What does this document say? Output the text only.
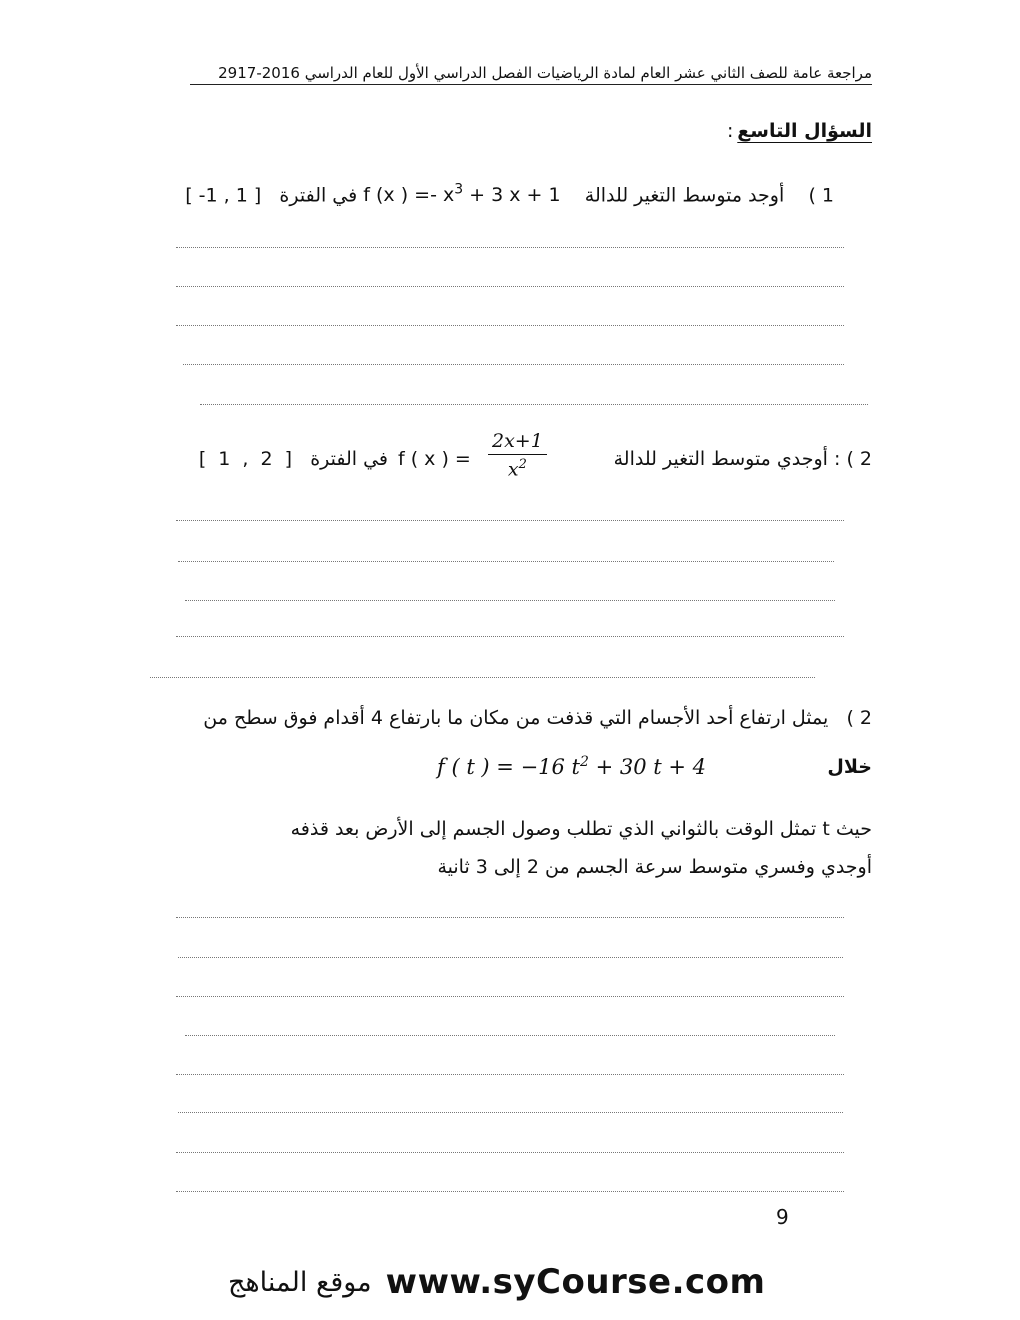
مراجعة عامة للصف الثاني عشر العام لمادة الرياضيات الفصل الدراسي الأول للعام الدراسي 2016-2917
السؤال التاسع
:
1 )    أوجد متوسط التغير للدالة    f (x ) =- $x^3 + 3$ x + 1 في الفترة   [ -1 , 1 ]
2 ) : أوجدي متوسط التغير للدالة
$\frac{2x+1}{x^2}$
f ( x ) =
في الفترة   [ 1 , 2 ]
2 )   يمثل ارتفاع أحد الأجسام التي قذفت من مكان ما بارتفاع 4 أقدام فوق سطح من
خلال
f ( t ) = −16 $t^2 + 30$ t + 4
حيث t تمثل الوقت بالثواني الذي تطلب وصول الجسم إلى الأرض بعد قذفه
أوجدي وفسري متوسط سرعة الجسم من 2 إلى 3 ثانية
9
موقع المناهج www.syCourse.com
